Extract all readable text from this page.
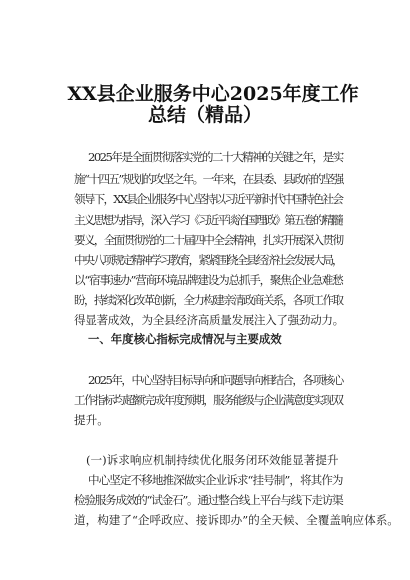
XX县企业服务中心2025年度工作
总结（精品）
2025年是全面贯彻落实党的二十大精神的关键之年，是实
施“十四五”规划的攻坚之年。一年来，在县委、县政府的坚强
领导下，XX县企业服务中心坚持以习近平新时代中国特色社会
主义思想为指导，深入学习《习近平谈治国理政》第五卷的精髓
要义，全面贯彻党的二十届四中全会精神，扎实开展深入贯彻
中央八项规定精神学习教育，紧紧围绕全县经济社会发展大局，
以“宿事速办”营商环境品牌建设为总抓手，聚焦企业急难愁
盼，持续深化改革创新，全力构建亲清政商关系，各项工作取
得显著成效，为全县经济高质量发展注入了强劲动力。
一、年度核心指标完成情况与主要成效
2025年，中心坚持目标导向和问题导向相结合，各项核心
工作指标均超额完成年度预期，服务能级与企业满意度实现双
提升。
(一)诉求响应机制持续优化服务闭环效能显著提升
中心坚定不移地推深做实企业诉求“挂号制”，将其作为
检验服务成效的“试金石”。通过整合线上平台与线下走访渠
道，构建了“企呼政应、接诉即办”的全天候、全覆盖响应体系。
